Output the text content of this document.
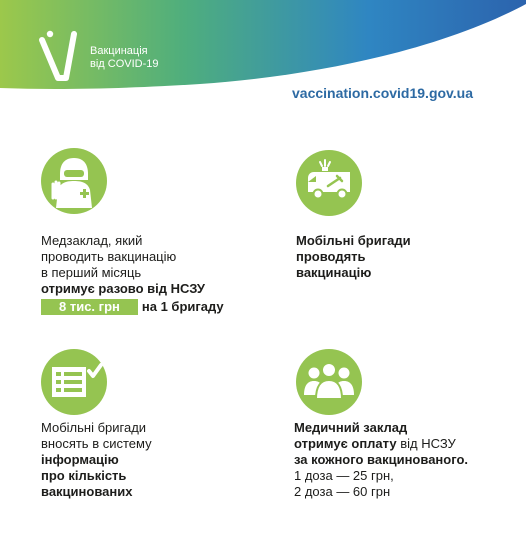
Вакцинація
від COVID-19
vaccination.covid19.gov.ua
Медзаклад, який
проводить вакцинацію
в перший місяць
отримує разово від НСЗУ
8 тис. грн на 1 бригаду
Мобільні бригади
проводять
вакцинацію
Мобільні бригади
вносять в систему
інформацію
про кількість
вакцинованих
Медичний заклад
отримує оплату від НСЗУ
за кожного вакцинованого.
1 доза — 25 грн,
2 доза — 60 грн
